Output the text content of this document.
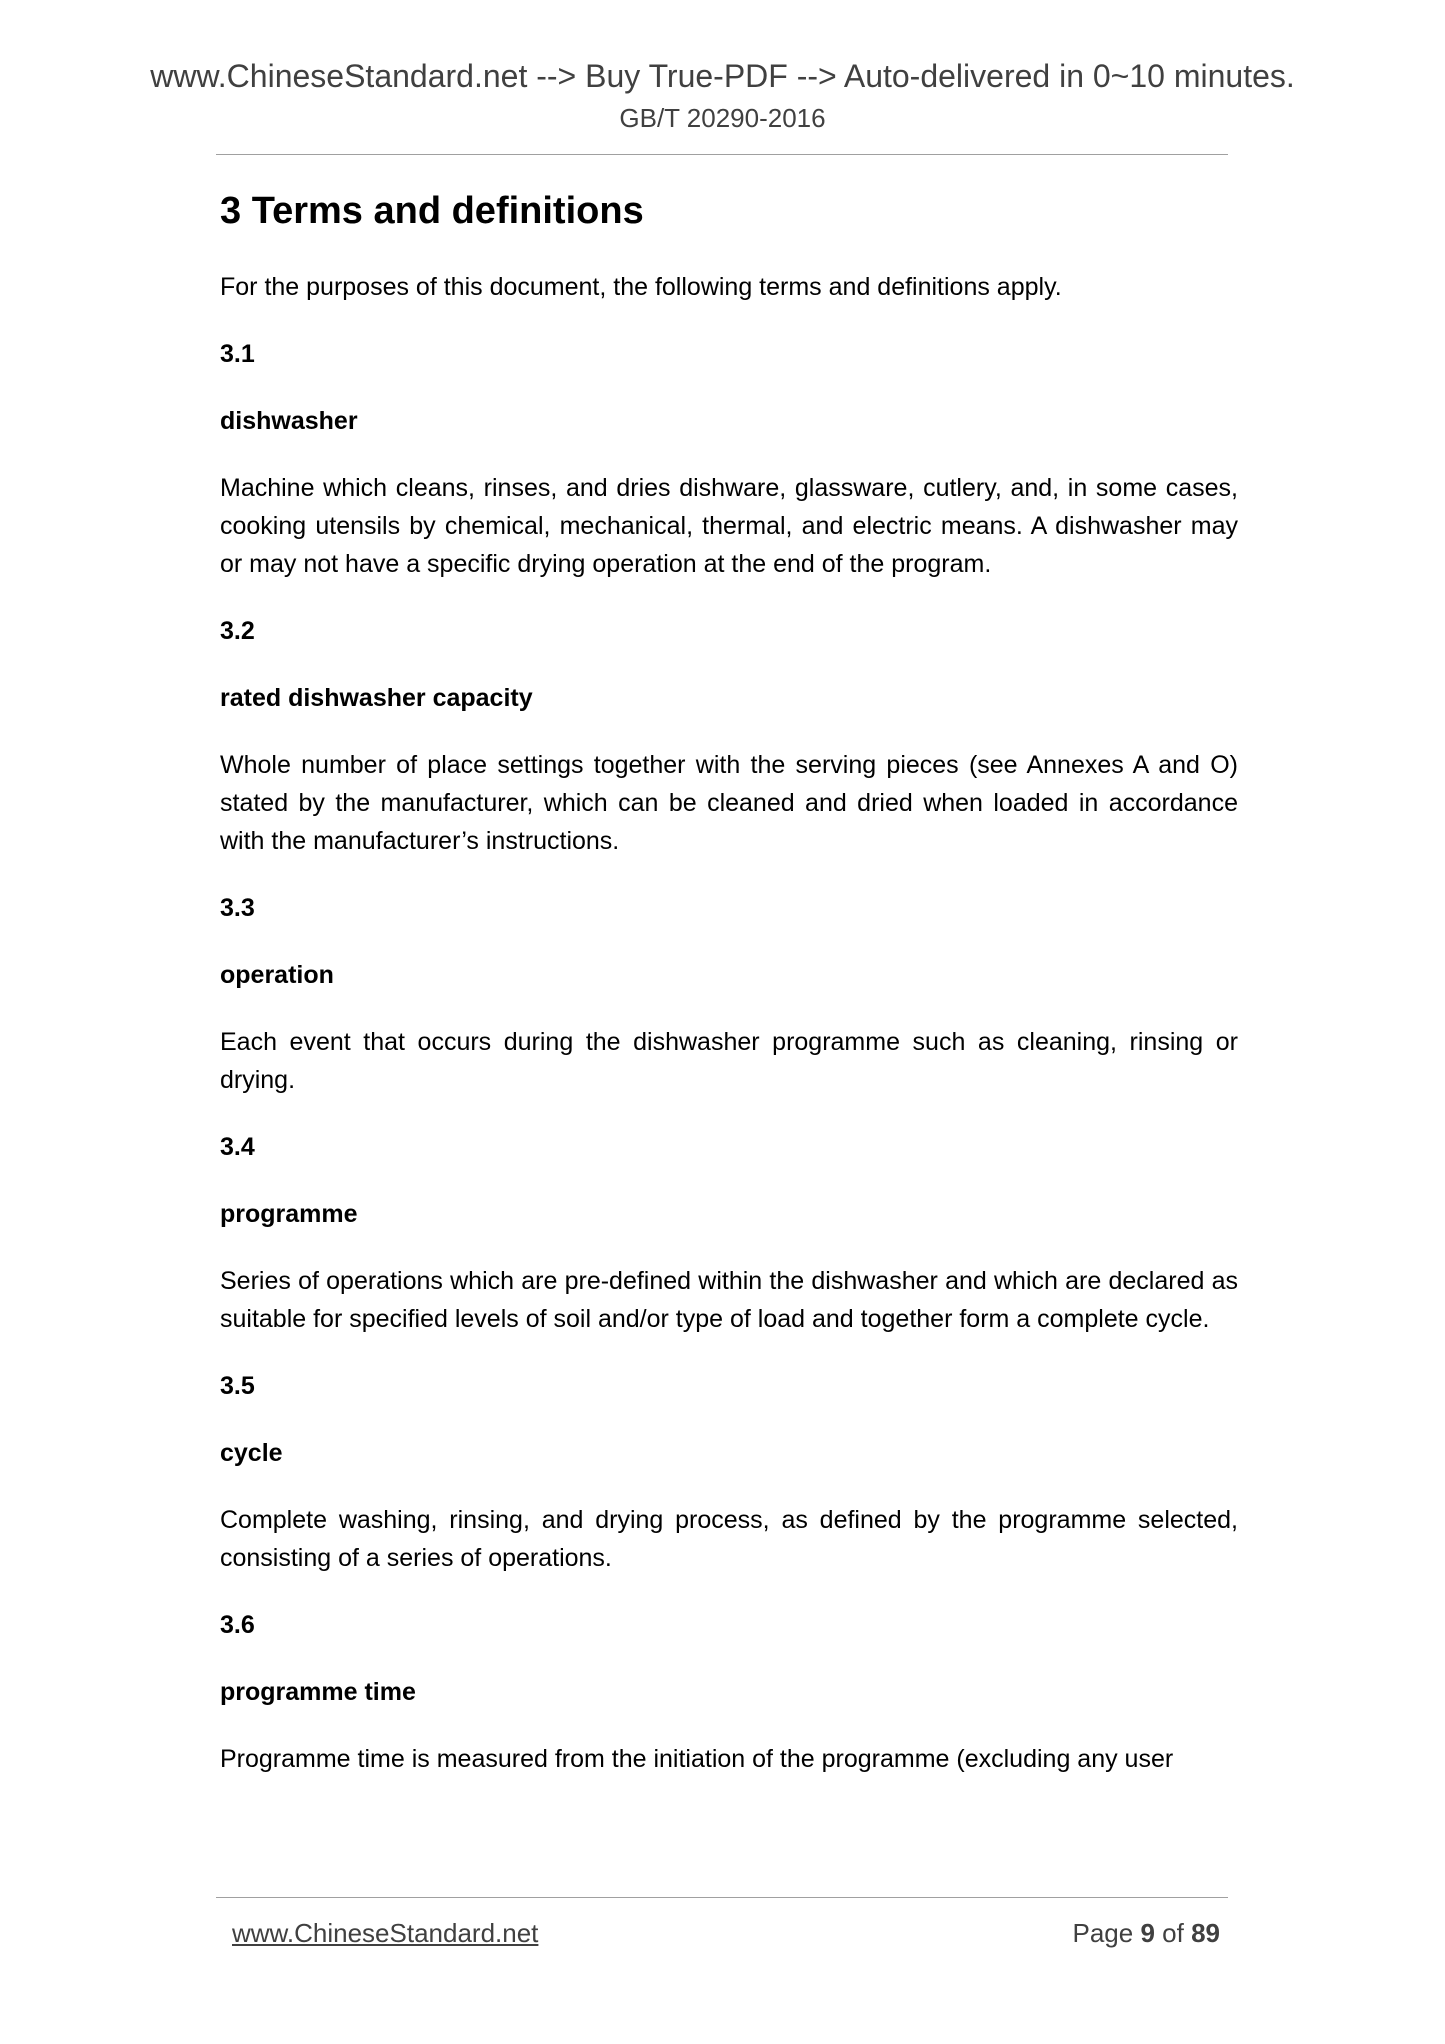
www.ChineseStandard.net --> Buy True-PDF --> Auto-delivered in 0~10 minutes.
GB/T 20290-2016
3 Terms and definitions

For the purposes of this document, the following terms and definitions apply.

3.1
dishwasher

Machine which cleans, rinses, and dries dishware, glassware, cutlery, and, in some cases, cooking utensils by chemical, mechanical, thermal, and electric means. A dishwasher may or may not have a specific drying operation at the end of the program.

3.2
rated dishwasher capacity

Whole number of place settings together with the serving pieces (see Annexes A and O) stated by the manufacturer, which can be cleaned and dried when loaded in accordance with the manufacturer’s instructions.

3.3
operation

Each event that occurs during the dishwasher programme such as cleaning, rinsing or drying.

3.4
programme

Series of operations which are pre-defined within the dishwasher and which are declared as suitable for specified levels of soil and/or type of load and together form a complete cycle.

3.5
cycle

Complete washing, rinsing, and drying process, as defined by the programme selected, consisting of a series of operations.

3.6
programme time

Programme time is measured from the initiation of the programme (excluding any user

www.ChineseStandard.net	Page 9 of 89
